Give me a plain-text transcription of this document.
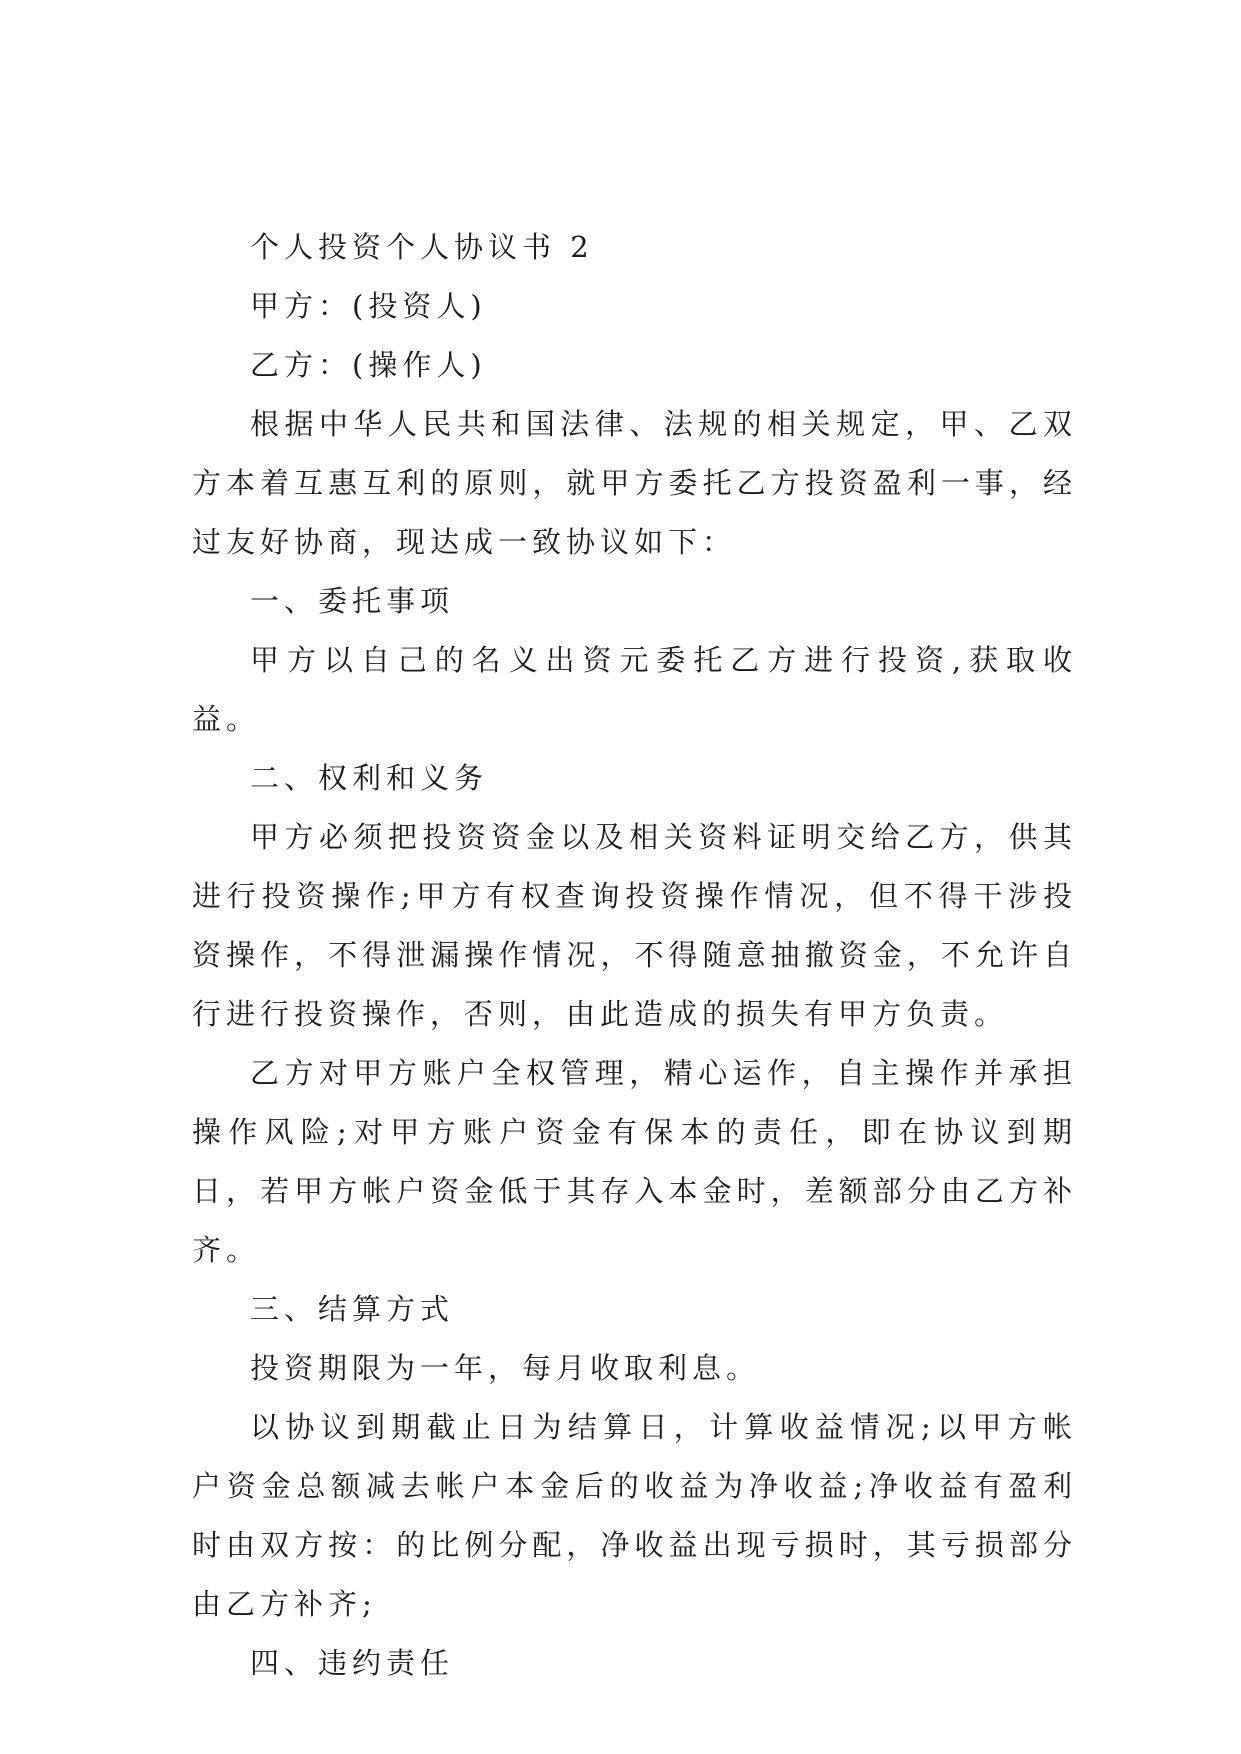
个人投资个人协议书 2

甲方：(投资人)

乙方：(操作人)

根据中华人民共和国法律、法规的相关规定，甲、乙双方本着互惠互利的原则，就甲方委托乙方投资盈利一事，经过友好协商，现达成一致协议如下：

一、委托事项

甲方以自己的名义出资元委托乙方进行投资,获取收益。

二、权利和义务

甲方必须把投资资金以及相关资料证明交给乙方，供其进行投资操作;甲方有权查询投资操作情况，但不得干涉投资操作，不得泄漏操作情况，不得随意抽撤资金，不允许自行进行投资操作，否则，由此造成的损失有甲方负责。

乙方对甲方账户全权管理，精心运作，自主操作并承担操作风险;对甲方账户资金有保本的责任，即在协议到期日，若甲方帐户资金低于其存入本金时，差额部分由乙方补齐。

三、结算方式

投资期限为一年，每月收取利息。

以协议到期截止日为结算日，计算收益情况;以甲方帐户资金总额减去帐户本金后的收益为净收益;净收益有盈利时由双方按：的比例分配，净收益出现亏损时，其亏损部分由乙方补齐;

四、违约责任
